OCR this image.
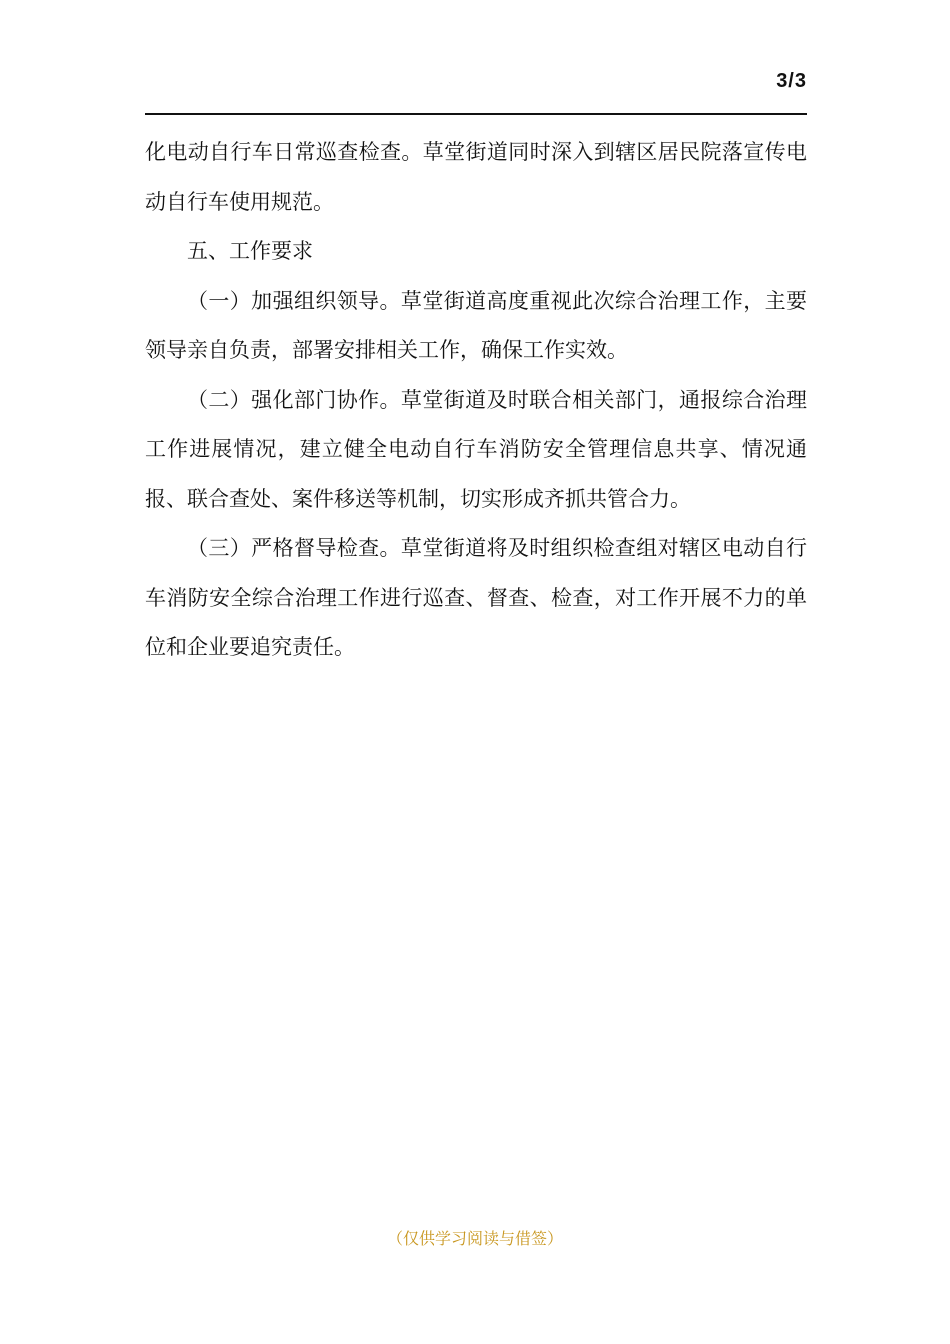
3/3

化电动自行车日常巡查检查。草堂街道同时深入到辖区居民院落宣传电动自行车使用规范。

五、工作要求

（一）加强组织领导。草堂街道高度重视此次综合治理工作，主要领导亲自负责，部署安排相关工作，确保工作实效。

（二）强化部门协作。草堂街道及时联合相关部门，通报综合治理工作进展情况，建立健全电动自行车消防安全管理信息共享、情况通报、联合查处、案件移送等机制，切实形成齐抓共管合力。

（三）严格督导检查。草堂街道将及时组织检查组对辖区电动自行车消防安全综合治理工作进行巡查、督查、检查，对工作开展不力的单位和企业要追究责任。

（仅供学习阅读与借签）
